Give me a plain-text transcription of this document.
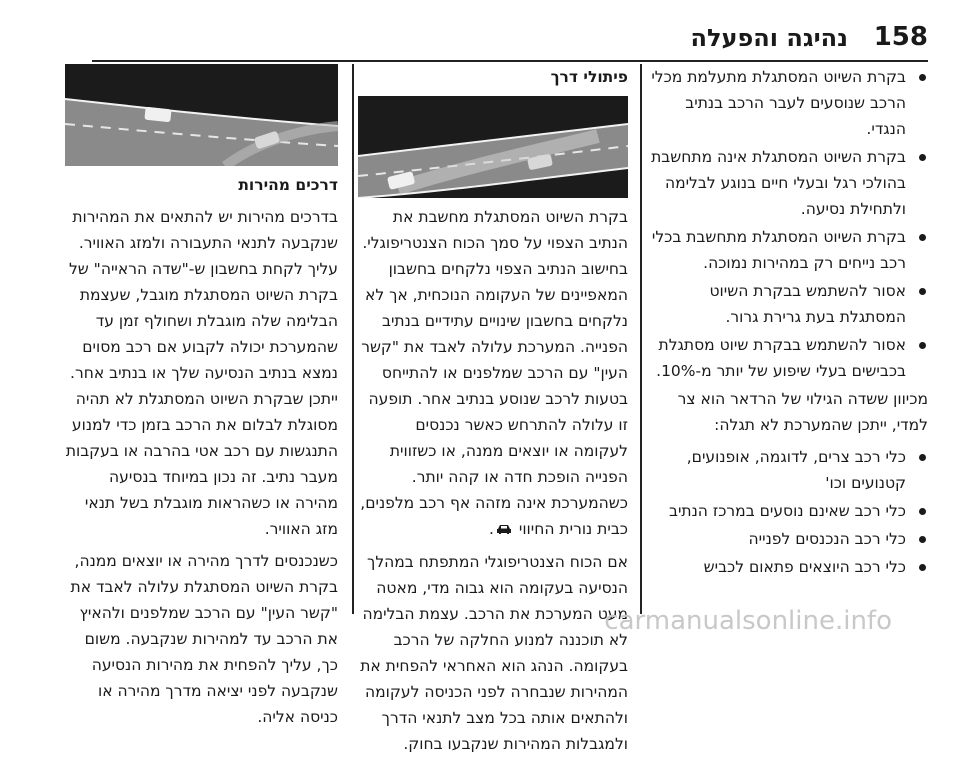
158
נהיגה והפעלה
בקרת השיוט המסתגלת מתעלמת מכלי הרכב שנוסעים לעבר הרכב בנתיב הנגדי.
בקרת השיוט המסתגלת אינה מתחשבת בהולכי רגל ובעלי חיים בנוגע לבלימה ולתחילת נסיעה.
בקרת השיוט המסתגלת מתחשבת בכלי רכב נייחים רק במהירות נמוכה.
אסור להשתמש בבקרת השיוט המסתגלת בעת גרירת גרור.
אסור להשתמש בבקרת שיוט מסתגלת בכבישים בעלי שיפוע של יותר מ-10%.

מכיוון ששדה הגילוי של הרדאר הוא צר למדי, ייתכן שהמערכת לא תגלה:

כלי רכב צרים, לדוגמה, אופנועים, קטנועים וכו'
כלי רכב שאינם נוסעים במרכז הנתיב
כלי רכב הנכנסים לפנייה
כלי רכב היוצאים פתאום לכביש

פיתולי דרך

בקרת השיוט המסתגלת מחשבת את הנתיב הצפוי על סמך הכוח הצנטריפוגלי. בחישוב הנתיב הצפוי נלקחים בחשבון המאפיינים של העקומה הנוכחית, אך לא נלקחים בחשבון שינויים עתידיים בנתיב הפנייה. המערכת עלולה לאבד את "קשר העין" עם הרכב שמלפנים או להתייחס בטעות לרכב שנוסע בנתיב אחר. תופעה זו עלולה להתרחש כאשר נכנסים לעקומה או יוצאים ממנה, או כשזווית הפנייה הופכת חדה או קהה יותר. כשהמערכת אינה מזהה אף רכב מלפנים, כבית נורית החיווי .

אם הכוח הצנטריפוגלי המתפתח במהלך הנסיעה בעקומה הוא גבוה מדי, מאטה מעט המערכת את הרכב. עצמת הבלימה לא תוכננה למנוע החלקה של הרכב בעקומה. הנהג הוא האחראי להפחית את המהירות שנבחרה לפני הכניסה לעקומה ולהתאים אותה בכל מצב לתנאי הדרך ולמגבלות המהירות שנקבעו בחוק.

דרכים מהירות

בדרכים מהירות יש להתאים את המהירות שנקבעה לתנאי התעבורה ולמזג האוויר. עליך לקחת בחשבון ש-"שדה הראייה" של בקרת השיוט המסתגלת מוגבל, שעצמת הבלימה שלה מוגבלת ושחולף זמן עד שהמערכת יכולה לקבוע אם רכב מסוים נמצא בנתיב הנסיעה שלך או בנתיב אחר. ייתכן שבקרת השיוט המסתגלת לא תהיה מסוגלת לבלום את הרכב בזמן כדי למנוע התנגשות עם רכב אטי בהרבה או בעקבות מעבר נתיב. זה נכון במיוחד בנסיעה מהירה או כשהראות מוגבלת בשל תנאי מזג האוויר.

כשנכנסים לדרך מהירה או יוצאים ממנה, בקרת השיוט המסתגלת עלולה לאבד את "קשר העין" עם הרכב שמלפנים ולהאיץ את הרכב עד למהירות שנקבעה. משום כך, עליך להפחית את מהירות הנסיעה שנקבעה לפני יציאה מדרך מהירה או כניסה אליה.

carmanualsonline.info
